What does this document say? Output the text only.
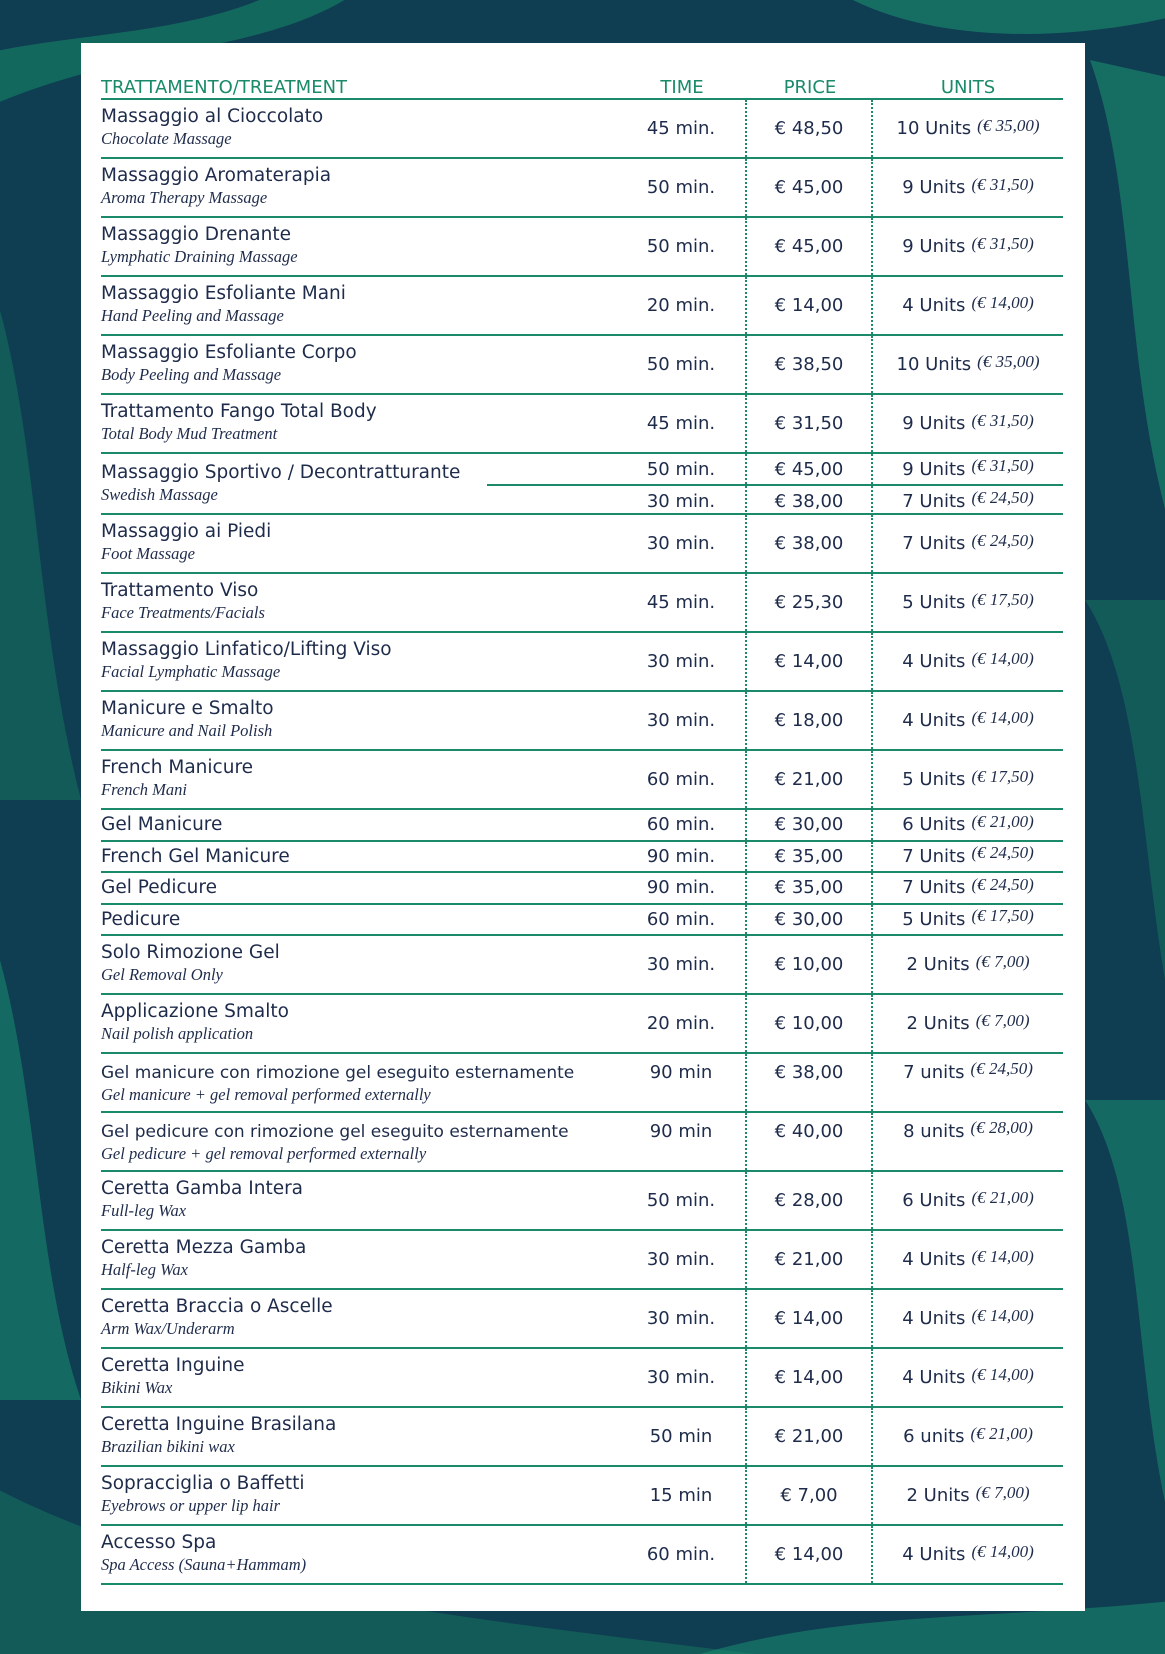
TRATTAMENTO/TREATMENT	TIME	PRICE	UNITS
Massaggio al Cioccolato
Chocolate Massage	45 min.	€ 48,50	10 Units (€ 35,00)
Massaggio Aromaterapia
Aroma Therapy Massage	50 min.	€ 45,00	9 Units (€ 31,50)
Massaggio Drenante
Lymphatic Draining Massage	50 min.	€ 45,00	9 Units (€ 31,50)
Massaggio Esfoliante Mani
Hand Peeling and Massage	20 min.	€ 14,00	4 Units (€ 14,00)
Massaggio Esfoliante Corpo
Body Peeling and Massage	50 min.	€ 38,50	10 Units (€ 35,00)
Trattamento Fango Total Body
Total Body Mud Treatment	45 min.	€ 31,50	9 Units (€ 31,50)
Massaggio Sportivo / Decontratturante
Swedish Massage
50 min.	€ 45,00	9 Units (€ 31,50)
30 min.	€ 38,00	7 Units (€ 24,50)
Massaggio ai Piedi
Foot Massage	30 min.	€ 38,00	7 Units (€ 24,50)
Trattamento Viso
Face Treatments/Facials	45 min.	€ 25,30	5 Units (€ 17,50)
Massaggio Linfatico/Lifting Viso
Facial Lymphatic Massage	30 min.	€ 14,00	4 Units (€ 14,00)
Manicure e Smalto
Manicure and Nail Polish	30 min.	€ 18,00	4 Units (€ 14,00)
French Manicure
French Mani	60 min.	€ 21,00	5 Units (€ 17,50)
Gel Manicure	60 min.	€ 30,00	6 Units (€ 21,00)
French Gel Manicure	90 min.	€ 35,00	7 Units (€ 24,50)
Gel Pedicure	90 min.	€ 35,00	7 Units (€ 24,50)
Pedicure	60 min.	€ 30,00	5 Units (€ 17,50)
Solo Rimozione Gel
Gel Removal Only	30 min.	€ 10,00	2 Units (€ 7,00)
Applicazione Smalto
Nail polish application	20 min.	€ 10,00	2 Units (€ 7,00)
Gel manicure con rimozione gel eseguito esternamente
Gel manicure + gel removal performed externally
90 min	€ 38,00	7 units (€ 24,50)
Gel pedicure con rimozione gel eseguito esternamente
Gel pedicure + gel removal performed externally
90 min	€ 40,00	8 units (€ 28,00)
Ceretta Gamba Intera
Full-leg Wax	50 min.	€ 28,00	6 Units (€ 21,00)
Ceretta Mezza Gamba
Half-leg Wax	30 min.	€ 21,00	4 Units (€ 14,00)
Ceretta Braccia o Ascelle
Arm Wax/Underarm	30 min.	€ 14,00	4 Units (€ 14,00)
Ceretta Inguine
Bikini Wax	30 min.	€ 14,00	4 Units (€ 14,00)
Ceretta Inguine Brasilana
Brazilian bikini wax	50 min	€ 21,00	6 units (€ 21,00)
Sopracciglia o Baffetti
Eyebrows or upper lip hair	15 min	€ 7,00	2 Units (€ 7,00)
Accesso Spa
Spa Access (Sauna+Hammam)	60 min.	€ 14,00	4 Units (€ 14,00)
